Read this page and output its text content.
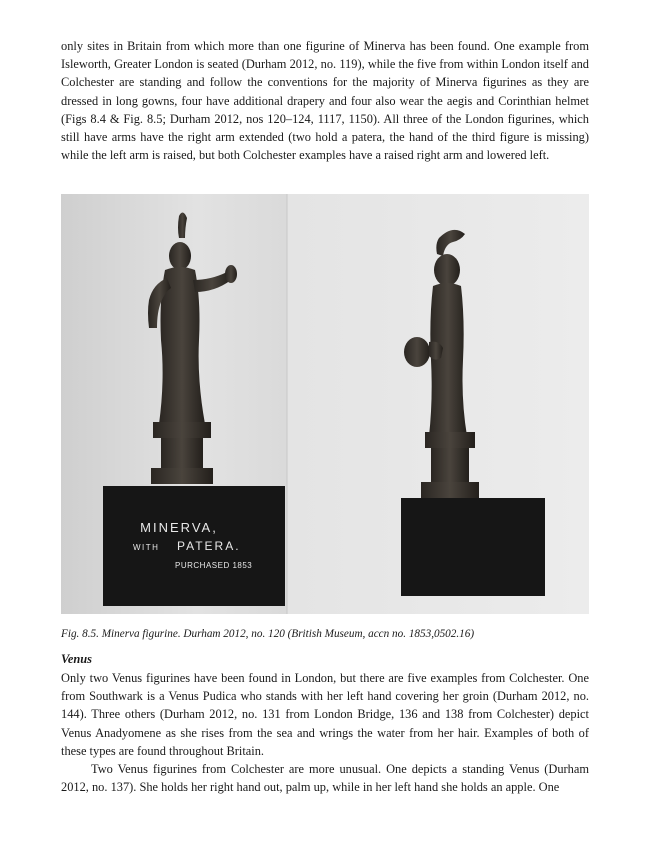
only sites in Britain from which more than one figurine of Minerva has been found. One example from Isleworth, Greater London is seated (Durham 2012, no. 119), while the five from within London itself and Colchester are standing and follow the conventions for the majority of Minerva figurines as they are dressed in long gowns, four have additional drapery and four also wear the aegis and Corinthian helmet (Figs 8.4 & Fig. 8.5; Durham 2012, nos 120–124, 1117, 1150). All three of the London figurines, which still have arms have the right arm extended (two hold a patera, the hand of the third figure is missing) while the left arm is raised, but both Colchester examples have a raised right arm and lowered left.

MINERVA,
WITH PATERA.
PURCHASED 1853
Fig. 8.5. Minerva figurine. Durham 2012, no. 120 (British Museum, accn no. 1853,0502.16)
Venus

Only two Venus figurines have been found in London, but there are five examples from Colchester. One from Southwark is a Venus Pudica who stands with her left hand covering her groin (Durham 2012, no. 144). Three others (Durham 2012, no. 131 from London Bridge, 136 and 138 from Colchester) depict Venus Anadyomene as she rises from the sea and wrings the water from her hair. Examples of both of these types are found throughout Britain.

Two Venus figurines from Colchester are more unusual. One depicts a standing Venus (Durham 2012, no. 137). She holds her right hand out, palm up, while in her left hand she holds an apple. One
